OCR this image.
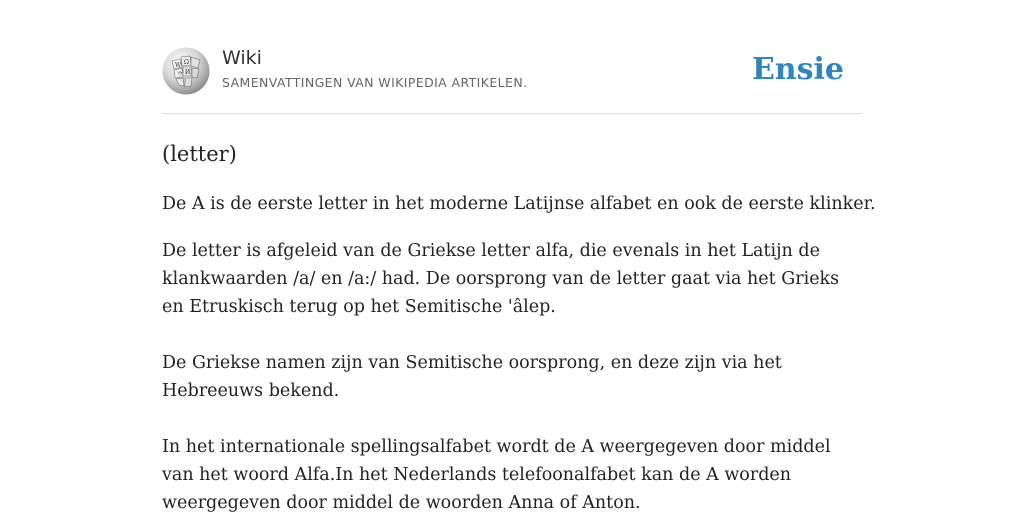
W Ω
И
ウ
Wiki
SAMENVATTINGEN VAN WIKIPEDIA ARTIKELEN.	Ensie
(letter)

De A is de eerste letter in het moderne Latijnse alfabet en ook de eerste klinker.

De letter is afgeleid van de Griekse letter alfa, die evenals in het Latijn de klankwaarden /a/ en /a:/ had. De oorsprong van de letter gaat via het Grieks en Etruskisch terug op het Semitische 'âlep.

De Griekse namen zijn van Semitische oorsprong, en deze zijn via het Hebreeuws bekend.

In het internationale spellingsalfabet wordt de A weergegeven door middel van het woord Alfa.In het Nederlands telefoonalfabet kan de A worden weergegeven door middel de woorden Anna of Anton.
